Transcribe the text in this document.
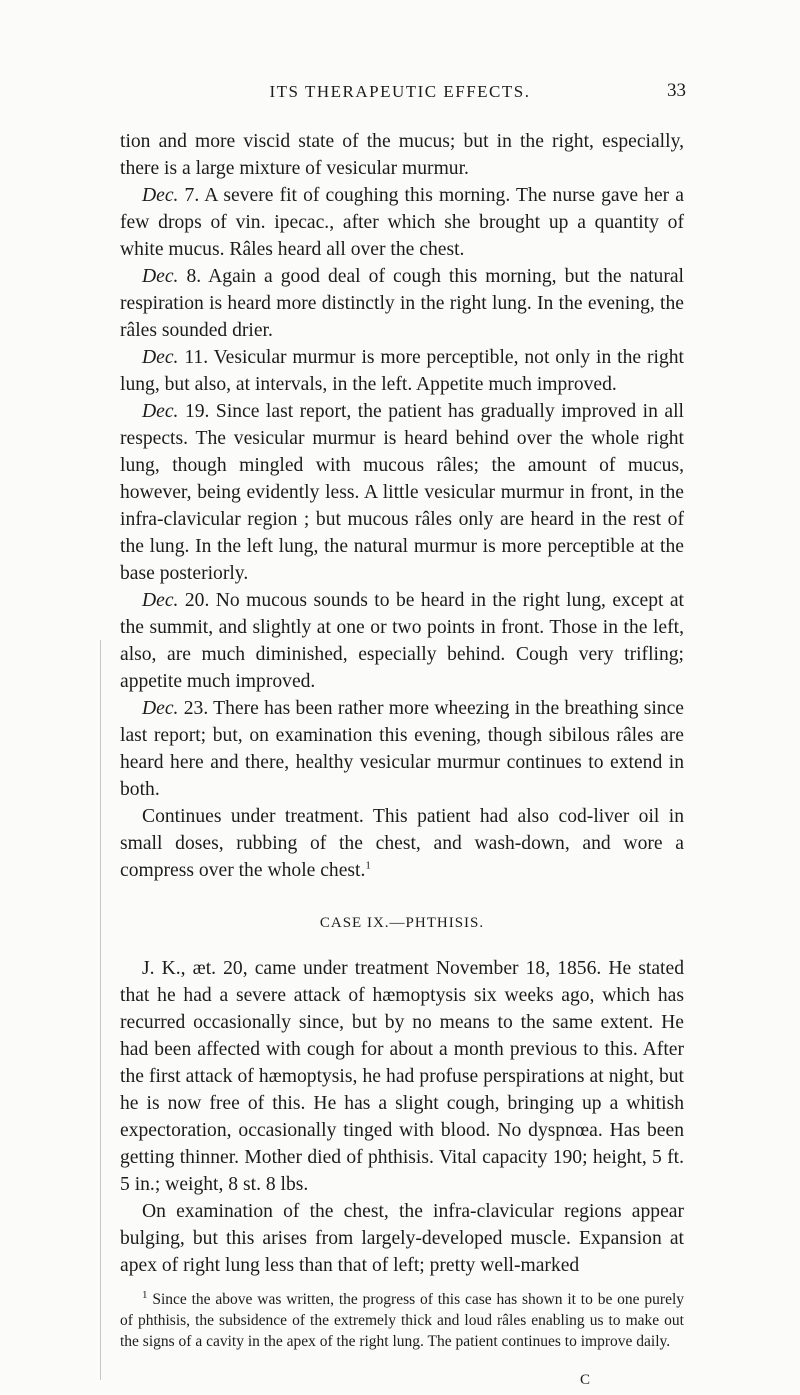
ITS THERAPEUTIC EFFECTS.	33

tion and more viscid state of the mucus; but in the right, especially, there is a large mixture of vesicular murmur.

Dec. 7. A severe fit of coughing this morning. The nurse gave her a few drops of vin. ipecac., after which she brought up a quantity of white mucus. Râles heard all over the chest.

Dec. 8. Again a good deal of cough this morning, but the natural respiration is heard more distinctly in the right lung. In the evening, the râles sounded drier.

Dec. 11. Vesicular murmur is more perceptible, not only in the right lung, but also, at intervals, in the left. Appetite much improved.

Dec. 19. Since last report, the patient has gradually improved in all respects. The vesicular murmur is heard behind over the whole right lung, though mingled with mucous râles; the amount of mucus, however, being evidently less. A little vesicular murmur in front, in the infra-clavicular region ; but mucous râles only are heard in the rest of the lung. In the left lung, the natural murmur is more perceptible at the base posteriorly.

Dec. 20. No mucous sounds to be heard in the right lung, except at the summit, and slightly at one or two points in front. Those in the left, also, are much diminished, especially behind. Cough very trifling; appetite much improved.

Dec. 23. There has been rather more wheezing in the breathing since last report; but, on examination this evening, though sibilous râles are heard here and there, healthy vesicular murmur continues to extend in both.

Continues under treatment. This patient had also cod-liver oil in small doses, rubbing of the chest, and wash-down, and wore a compress over the whole chest.$^1$

CASE IX.—PHTHISIS.

J. K., æt. 20, came under treatment November 18, 1856. He stated that he had a severe attack of hæmoptysis six weeks ago, which has recurred occasionally since, but by no means to the same extent. He had been affected with cough for about a month previous to this. After the first attack of hæmoptysis, he had profuse perspirations at night, but he is now free of this. He has a slight cough, bringing up a whitish expectoration, occasionally tinged with blood. No dyspnœa. Has been getting thinner. Mother died of phthisis. Vital capacity 190; height, 5 ft. 5 in.; weight, 8 st. 8 lbs.

On examination of the chest, the infra-clavicular regions appear bulging, but this arises from largely-developed muscle. Expansion at apex of right lung less than that of left; pretty well-marked

$^1$ Since the above was written, the progress of this case has shown it to be one purely of phthisis, the subsidence of the extremely thick and loud râles enabling us to make out the signs of a cavity in the apex of the right lung. The patient continues to improve daily.

C
